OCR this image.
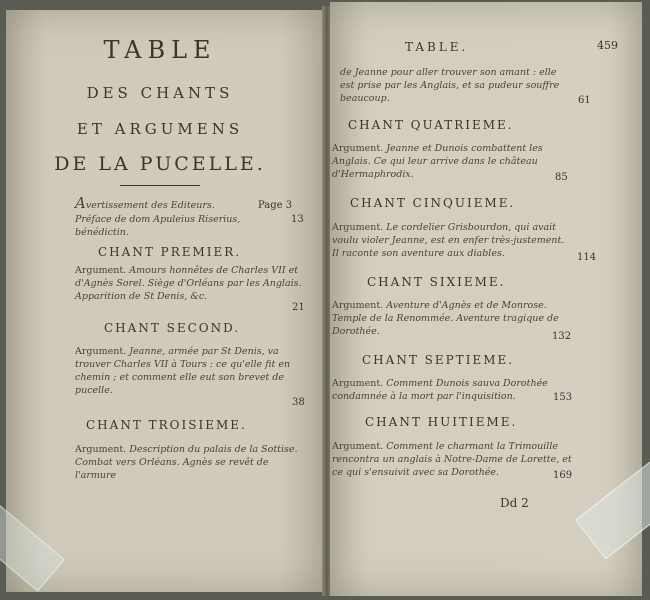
TABLE
DES CHANTS
ET ARGUMENS
DE LA PUCELLE.
Avertissement des Editeurs.	Page 3
Préface de dom Apuleius Riserius, bénédictin.
13
CHANT PREMIER.
Argument. Amours honnêtes de Charles VII et d'Agnès Sorel. Siège d'Orléans par les Anglais. Apparition de St Denis, &c.
21
CHANT SECOND.
Argument. Jeanne, armée par St Denis, va trouver Charles VII à Tours : ce qu'elle fit en chemin ; et comment elle eut son brevet de pucelle.
38
CHANT TROISIEME.
Argument. Description du palais de la Sottise. Combat vers Orléans. Agnès se revêt de l'armure
TABLE.	459
de Jeanne pour aller trouver son amant : elle est prise par les Anglais, et sa pudeur souffre beaucoup.	61
CHANT QUATRIEME.
Argument. Jeanne et Dunois combattent les Anglais. Ce qui leur arrive dans le château d'Hermaphrodix.	85
CHANT CINQUIEME.
Argument. Le cordelier Grisbourdon, qui avait voulu violer Jeanne, est en enfer très-justement. Il raconte son aventure aux diables.	114
CHANT SIXIEME.
Argument. Aventure d'Agnès et de Monrose. Temple de la Renommée. Aventure tragique de Dorothée.	132
CHANT SEPTIEME.
Argument. Comment Dunois sauva Dorothée condamnée à la mort par l'inquisition.	153
CHANT HUITIEME.
Argument. Comment le charmant la Trimouille rencontra un anglais à Notre-Dame de Lorette, et ce qui s'ensuivit avec sa Dorothée.	169
Dd 2
